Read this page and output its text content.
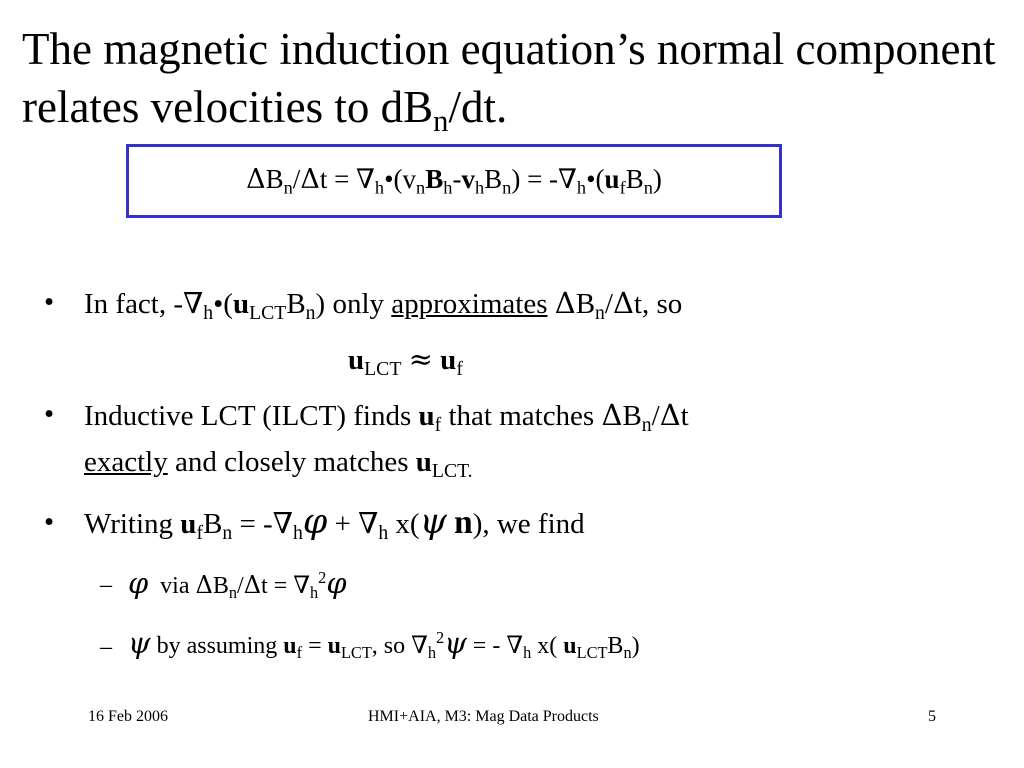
The magnetic induction equation’s normal component relates velocities to $dB_n/dt$.
$\Delta B_n/\Delta t$ = $\nabla_h•(v_nB_h-v_hB_n)$ = $-\nabla_h•(u_fB_n)$
• In fact, $-\nabla_h•(u_{LCT}B_n)$ only approximates $\Delta B_n/\Delta t$, so
$u_{LCT} \approx u_f$
• Inductive LCT (ILCT) finds $u_f$ that matches $\Delta B_n/\Delta t$
exactly and closely matches $u_{LCT.}$
• Writing $u_fB_n = -\nabla_h\varphi + \nabla_h$ x(ψ n), we find
– φ via $\Delta B_n/\Delta t = \nabla_h^2\varphi$
– ψ by assuming $u_f = u_{LCT}$, so $\nabla_h^2\psi$ = - $\nabla_h$ x( $u_{LCT}B_n$)
16 Feb 2006	HMI+AIA, M3: Mag Data Products	5
